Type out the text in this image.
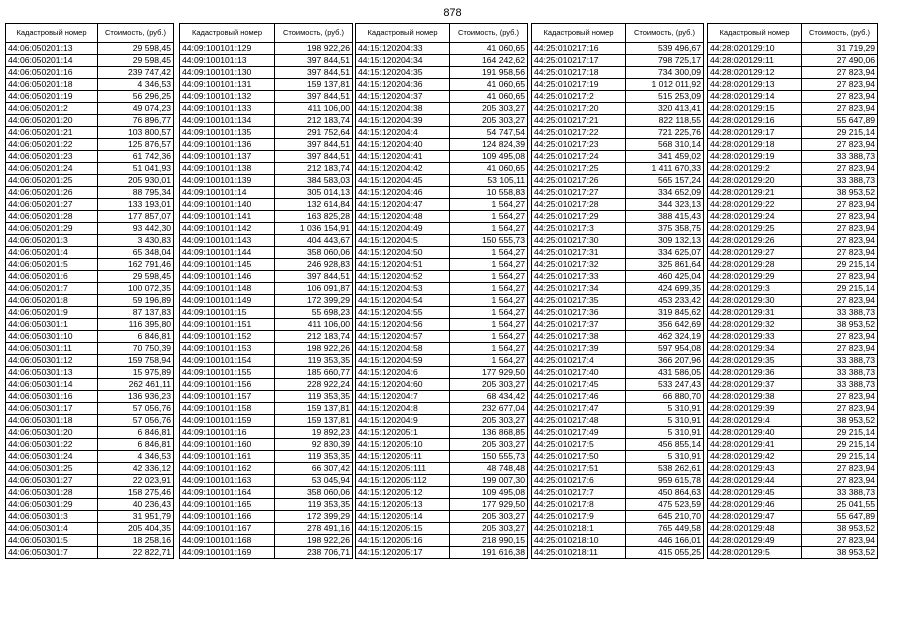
878
Кадастровый номер	Стоимость, (руб.)
44:06:050201:13	29 598,45
44:06:050201:14	29 598,45
44:06:050201:16	239 747,42
44:06:050201:18	4 346,53
44:06:050201:19	56 296,25
44:06:050201:2	49 074,23
44:06:050201:20	76 896,77
44:06:050201:21	103 800,57
44:06:050201:22	125 876,57
44:06:050201:23	61 742,36
44:06:050201:24	51 041,93
44:06:050201:25	205 930,01
44:06:050201:26	88 795,34
44:06:050201:27	133 193,01
44:06:050201:28	177 857,07
44:06:050201:29	93 442,30
44:06:050201:3	3 430,83
44:06:050201:4	65 348,04
44:06:050201:5	162 791,46
44:06:050201:6	29 598,45
44:06:050201:7	100 072,35
44:06:050201:8	59 196,89
44:06:050201:9	87 137,83
44:06:050301:1	116 395,80
44:06:050301:10	6 846,81
44:06:050301:11	70 750,39
44:06:050301:12	159 758,94
44:06:050301:13	15 975,89
44:06:050301:14	262 461,11
44:06:050301:16	136 936,23
44:06:050301:17	57 056,76
44:06:050301:18	57 056,76
44:06:050301:20	6 846,81
44:06:050301:22	6 846,81
44:06:050301:24	4 346,53
44:06:050301:25	42 336,12
44:06:050301:27	22 023,91
44:06:050301:28	158 275,46
44:06:050301:29	40 236,43
44:06:050301:3	31 951,79
44:06:050301:4	205 404,35
44:06:050301:5	18 258,16
44:06:050301:7	22 822,71
Кадастровый номер	Стоимость, (руб.)
44:09:100101:129	198 922,26
44:09:100101:13	397 844,51
44:09:100101:130	397 844,51
44:09:100101:131	159 137,81
44:09:100101:132	397 844,51
44:09:100101:133	411 106,00
44:09:100101:134	212 183,74
44:09:100101:135	291 752,64
44:09:100101:136	397 844,51
44:09:100101:137	397 844,51
44:09:100101:138	212 183,74
44:09:100101:139	384 583,03
44:09:100101:14	305 014,13
44:09:100101:140	132 614,84
44:09:100101:141	163 825,28
44:09:100101:142	1 036 154,91
44:09:100101:143	404 443,67
44:09:100101:144	358 060,06
44:09:100101:145	246 928,83
44:09:100101:146	397 844,51
44:09:100101:148	106 091,87
44:09:100101:149	172 399,29
44:09:100101:15	55 698,23
44:09:100101:151	411 106,00
44:09:100101:152	212 183,74
44:09:100101:153	198 922,26
44:09:100101:154	119 353,35
44:09:100101:155	185 660,77
44:09:100101:156	228 922,24
44:09:100101:157	119 353,35
44:09:100101:158	159 137,81
44:09:100101:159	159 137,81
44:09:100101:16	19 892,23
44:09:100101:160	92 830,39
44:09:100101:161	119 353,35
44:09:100101:162	66 307,42
44:09:100101:163	53 045,94
44:09:100101:164	358 060,06
44:09:100101:165	119 353,35
44:09:100101:166	172 399,29
44:09:100101:167	278 491,16
44:09:100101:168	198 922,26
44:09:100101:169	238 706,71
Кадастровый номер	Стоимость, (руб.)
44:15:120204:33	41 060,65
44:15:120204:34	164 242,62
44:15:120204:35	191 958,56
44:15:120204:36	41 060,65
44:15:120204:37	41 060,65
44:15:120204:38	205 303,27
44:15:120204:39	205 303,27
44:15:120204:4	54 747,54
44:15:120204:40	124 824,39
44:15:120204:41	109 495,08
44:15:120204:42	41 060,65
44:15:120204:45	53 105,11
44:15:120204:46	10 558,83
44:15:120204:47	1 564,27
44:15:120204:48	1 564,27
44:15:120204:49	1 564,27
44:15:120204:5	150 555,73
44:15:120204:50	1 564,27
44:15:120204:51	1 564,27
44:15:120204:52	1 564,27
44:15:120204:53	1 564,27
44:15:120204:54	1 564,27
44:15:120204:55	1 564,27
44:15:120204:56	1 564,27
44:15:120204:57	1 564,27
44:15:120204:58	1 564,27
44:15:120204:59	1 564,27
44:15:120204:6	177 929,50
44:15:120204:60	205 303,27
44:15:120204:7	68 434,42
44:15:120204:8	232 677,04
44:15:120204:9	205 303,27
44:15:120205:1	136 868,85
44:15:120205:10	205 303,27
44:15:120205:11	150 555,73
44:15:120205:111	48 748,48
44:15:120205:112	199 007,30
44:15:120205:12	109 495,08
44:15:120205:13	177 929,50
44:15:120205:14	205 303,27
44:15:120205:15	205 303,27
44:15:120205:16	218 990,15
44:15:120205:17	191 616,38
Кадастровый номер	Стоимость, (руб.)
44:25:010217:16	539 496,67
44:25:010217:17	798 725,17
44:25:010217:18	734 300,09
44:25:010217:19	1 012 011,92
44:25:010217:2	515 253,09
44:25:010217:20	320 413,41
44:25:010217:21	822 118,55
44:25:010217:22	721 225,76
44:25:010217:23	568 310,14
44:25:010217:24	341 459,02
44:25:010217:25	1 411 670,33
44:25:010217:26	565 157,24
44:25:010217:27	334 652,09
44:25:010217:28	344 323,13
44:25:010217:29	388 415,43
44:25:010217:3	375 358,75
44:25:010217:30	309 132,13
44:25:010217:31	334 625,07
44:25:010217:32	325 861,64
44:25:010217:33	460 425,04
44:25:010217:34	424 699,35
44:25:010217:35	453 233,42
44:25:010217:36	319 845,62
44:25:010217:37	356 642,69
44:25:010217:38	462 324,19
44:25:010217:39	597 954,08
44:25:010217:4	366 207,96
44:25:010217:40	431 586,05
44:25:010217:45	533 247,43
44:25:010217:46	66 880,70
44:25:010217:47	5 310,91
44:25:010217:48	5 310,91
44:25:010217:49	5 310,91
44:25:010217:5	456 855,14
44:25:010217:50	5 310,91
44:25:010217:51	538 262,61
44:25:010217:6	959 615,78
44:25:010217:7	450 864,63
44:25:010217:8	475 523,59
44:25:010217:9	645 210,70
44:25:010218:1	765 449,58
44:25:010218:10	446 166,01
44:25:010218:11	415 055,25
Кадастровый номер	Стоимость, (руб.)
44:28:020129:10	31 719,29
44:28:020129:11	27 490,06
44:28:020129:12	27 823,94
44:28:020129:13	27 823,94
44:28:020129:14	27 823,94
44:28:020129:15	27 823,94
44:28:020129:16	55 647,89
44:28:020129:17	29 215,14
44:28:020129:18	27 823,94
44:28:020129:19	33 388,73
44:28:020129:2	27 823,94
44:28:020129:20	33 388,73
44:28:020129:21	38 953,52
44:28:020129:22	27 823,94
44:28:020129:24	27 823,94
44:28:020129:25	27 823,94
44:28:020129:26	27 823,94
44:28:020129:27	27 823,94
44:28:020129:28	29 215,14
44:28:020129:29	27 823,94
44:28:020129:3	29 215,14
44:28:020129:30	27 823,94
44:28:020129:31	33 388,73
44:28:020129:32	38 953,52
44:28:020129:33	27 823,94
44:28:020129:34	27 823,94
44:28:020129:35	33 388,73
44:28:020129:36	33 388,73
44:28:020129:37	33 388,73
44:28:020129:38	27 823,94
44:28:020129:39	27 823,94
44:28:020129:4	38 953,52
44:28:020129:40	29 215,14
44:28:020129:41	29 215,14
44:28:020129:42	29 215,14
44:28:020129:43	27 823,94
44:28:020129:44	27 823,94
44:28:020129:45	33 388,73
44:28:020129:46	25 041,55
44:28:020129:47	55 647,89
44:28:020129:48	38 953,52
44:28:020129:49	27 823,94
44:28:020129:5	38 953,52
